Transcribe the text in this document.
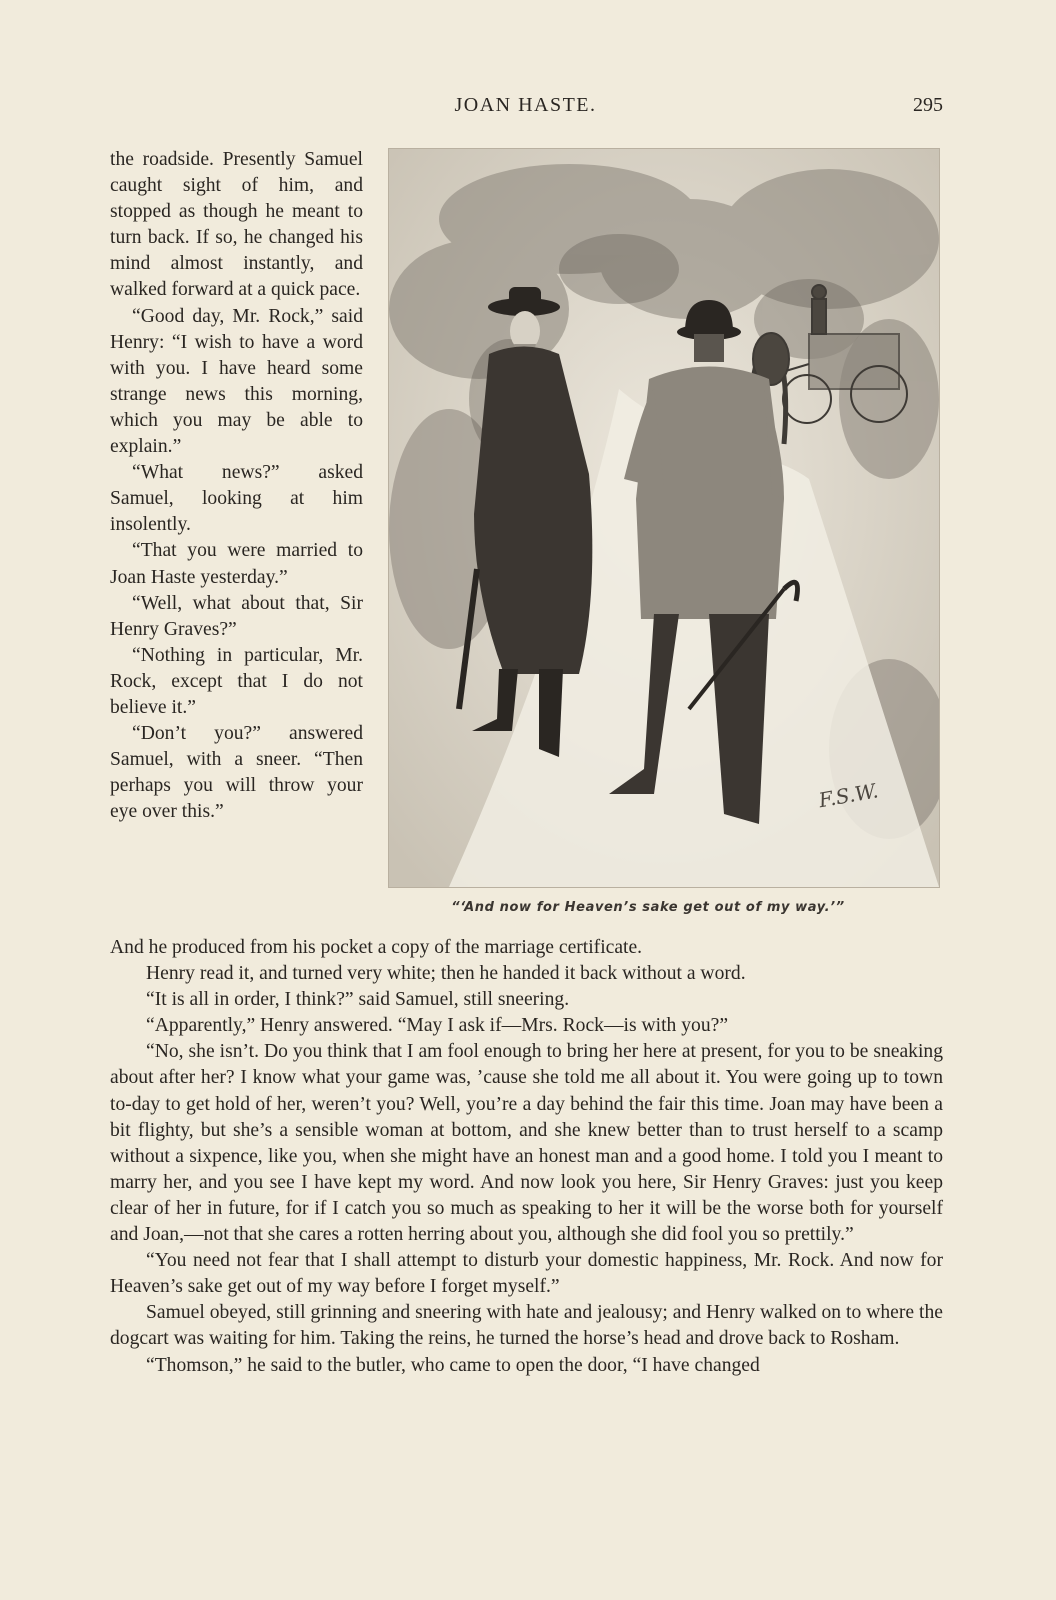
JOAN HASTE.	295

the roadside. Presently Samuel caught sight of him, and stopped as though he meant to turn back. If so, he changed his mind almost instantly, and walked forward at a quick pace.

“Good day, Mr. Rock,” said Henry: “I wish to have a word with you. I have heard some strange news this morning, which you may be able to explain.”

“What news?” asked Samuel, looking at him insolently.

“That you were married to Joan Haste yesterday.”

“Well, what about that, Sir Henry Graves?”

“Nothing in particular, Mr. Rock, except that I do not believe it.”

“Don’t you?” answered Samuel, with a sneer. “Then perhaps you will throw your eye over this.”	F.S.W.
“‘And now for Heaven’s sake get out of my way.’”

And he produced from his pocket a copy of the marriage certificate.

Henry read it, and turned very white; then he handed it back without a word.

“It is all in order, I think?” said Samuel, still sneering.

“Apparently,” Henry answered. “May I ask if—Mrs. Rock—is with you?”

“No, she isn’t. Do you think that I am fool enough to bring her here at present, for you to be sneaking about after her? I know what your game was, ’cause she told me all about it. You were going up to town to-day to get hold of her, weren’t you? Well, you’re a day behind the fair this time. Joan may have been a bit flighty, but she’s a sensible woman at bottom, and she knew better than to trust herself to a scamp without a sixpence, like you, when she might have an honest man and a good home. I told you I meant to marry her, and you see I have kept my word. And now look you here, Sir Henry Graves: just you keep clear of her in future, for if I catch you so much as speaking to her it will be the worse both for yourself and Joan,—not that she cares a rotten herring about you, although she did fool you so prettily.”

“You need not fear that I shall attempt to disturb your domestic happiness, Mr. Rock. And now for Heaven’s sake get out of my way before I forget myself.”

Samuel obeyed, still grinning and sneering with hate and jealousy; and Henry walked on to where the dogcart was waiting for him. Taking the reins, he turned the horse’s head and drove back to Rosham.

“Thomson,” he said to the butler, who came to open the door, “I have changed
